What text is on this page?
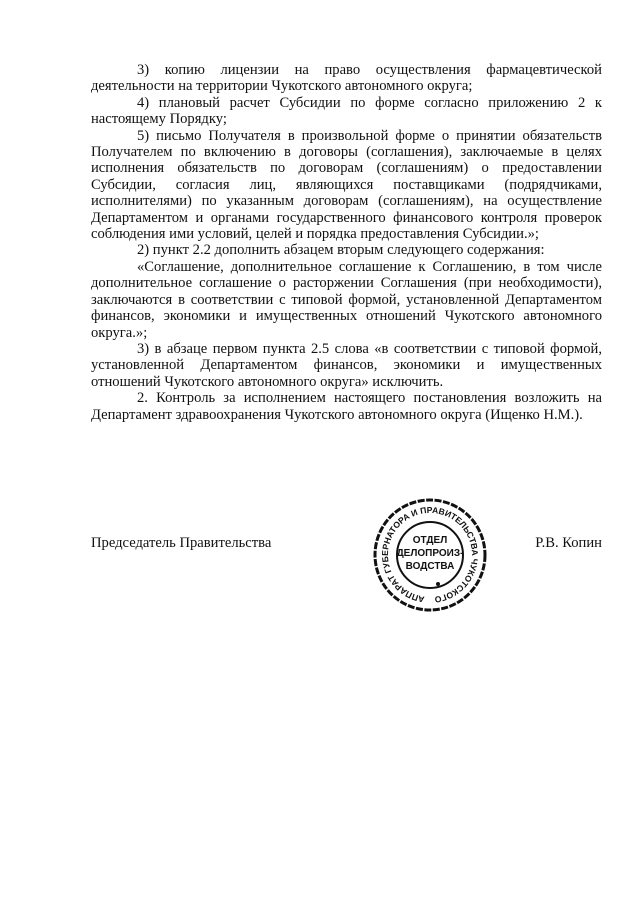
3) копию лицензии на право осуществления фармацевтической деятельности на территории Чукотского автономного округа;

4) плановый расчет Субсидии по форме согласно приложению 2 к настоящему Порядку;

5) письмо Получателя в произвольной форме о принятии обязательств Получателем по включению в договоры (соглашения), заключаемые в целях исполнения обязательств по договорам (соглашениям) о предоставлении Субсидии, согласия лиц, являющихся поставщиками (подрядчиками, исполнителями) по указанным договорам (соглашениям), на осуществление Департаментом и органами государственного финансового контроля проверок соблюдения ими условий, целей и порядка предоставления Субсидии.»;

2) пункт 2.2 дополнить абзацем вторым следующего содержания:

«Соглашение, дополнительное соглашение к Соглашению, в том числе дополнительное соглашение о расторжении Соглашения (при необходимости), заключаются в соответствии с типовой формой, установленной Департаментом финансов, экономики и имущественных отношений Чукотского автономного округа.»;

3) в абзаце первом пункта 2.5 слова «в соответствии с типовой формой, установленной Департаментом финансов, экономики и имущественных отношений Чукотского автономного округа» исключить.

2. Контроль за исполнением настоящего постановления возложить на Департамент здравоохранения Чукотского автономного округа (Ищенко Н.М.).

Председатель Правительства	Р.В. Копин
АППАРАТ ГУБЕРНАТОРА И ПРАВИТЕЛЬСТВА ЧУКОТСКОГО
ОТДЕЛ
ДЕЛОПРОИЗ-
ВОДСТВА
